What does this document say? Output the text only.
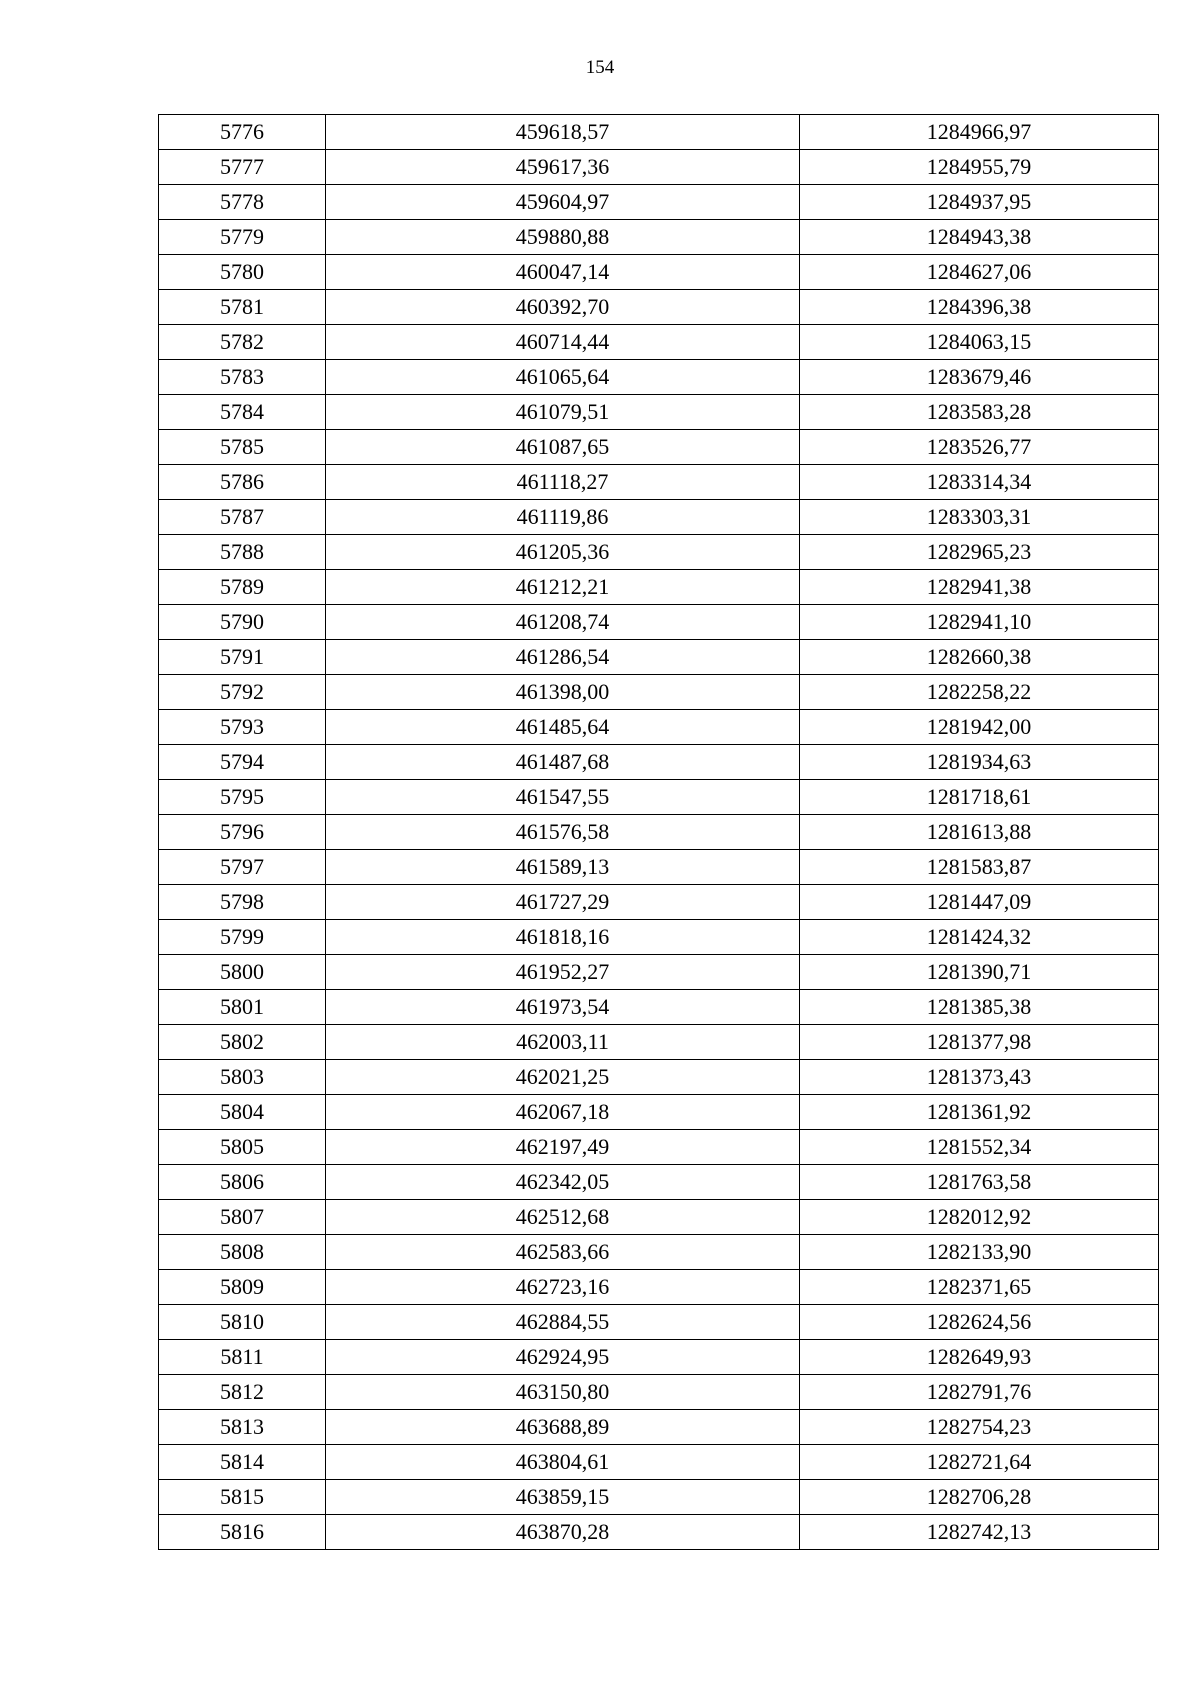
154
5776	459618,57	1284966,97
5777	459617,36	1284955,79
5778	459604,97	1284937,95
5779	459880,88	1284943,38
5780	460047,14	1284627,06
5781	460392,70	1284396,38
5782	460714,44	1284063,15
5783	461065,64	1283679,46
5784	461079,51	1283583,28
5785	461087,65	1283526,77
5786	461118,27	1283314,34
5787	461119,86	1283303,31
5788	461205,36	1282965,23
5789	461212,21	1282941,38
5790	461208,74	1282941,10
5791	461286,54	1282660,38
5792	461398,00	1282258,22
5793	461485,64	1281942,00
5794	461487,68	1281934,63
5795	461547,55	1281718,61
5796	461576,58	1281613,88
5797	461589,13	1281583,87
5798	461727,29	1281447,09
5799	461818,16	1281424,32
5800	461952,27	1281390,71
5801	461973,54	1281385,38
5802	462003,11	1281377,98
5803	462021,25	1281373,43
5804	462067,18	1281361,92
5805	462197,49	1281552,34
5806	462342,05	1281763,58
5807	462512,68	1282012,92
5808	462583,66	1282133,90
5809	462723,16	1282371,65
5810	462884,55	1282624,56
5811	462924,95	1282649,93
5812	463150,80	1282791,76
5813	463688,89	1282754,23
5814	463804,61	1282721,64
5815	463859,15	1282706,28
5816	463870,28	1282742,13
